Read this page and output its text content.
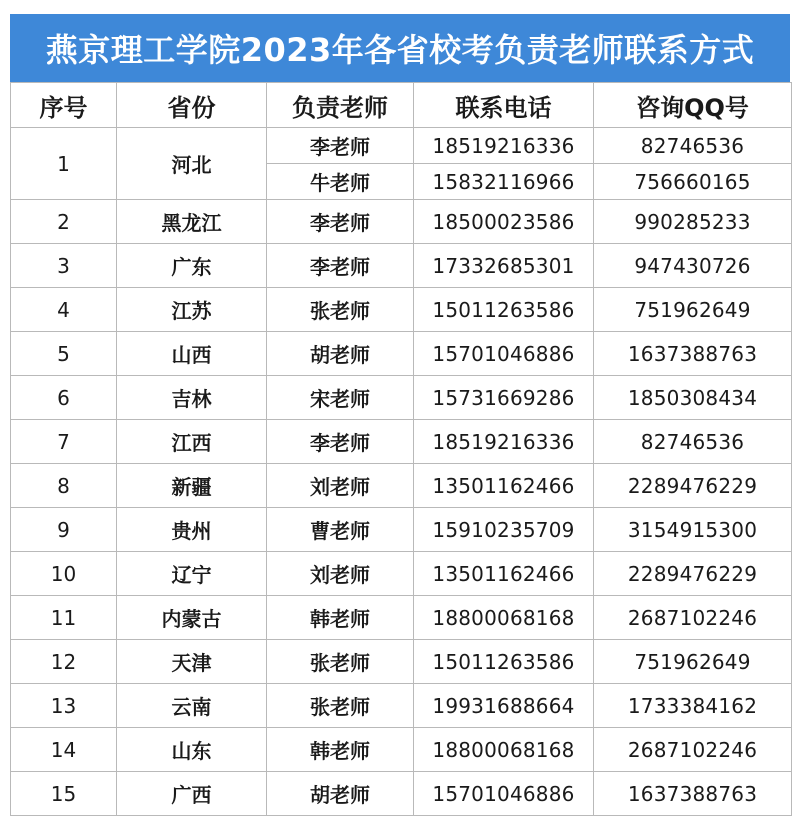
燕京理工学院2023年各省校考负责老师联系方式
序号	省份	负责老师	联系电话	咨询QQ号
1	河北	李老师	18519216336	82746536
		牛老师	15832116966	756660165
2	黑龙江	李老师	18500023586	990285233
3	广东	李老师	17332685301	947430726
4	江苏	张老师	15011263586	751962649
5	山西	胡老师	15701046886	1637388763
6	吉林	宋老师	15731669286	1850308434
7	江西	李老师	18519216336	82746536
8	新疆	刘老师	13501162466	2289476229
9	贵州	曹老师	15910235709	3154915300
10	辽宁	刘老师	13501162466	2289476229
11	内蒙古	韩老师	18800068168	2687102246
12	天津	张老师	15011263586	751962649
13	云南	张老师	19931688664	1733384162
14	山东	韩老师	18800068168	2687102246
15	广西	胡老师	15701046886	1637388763
